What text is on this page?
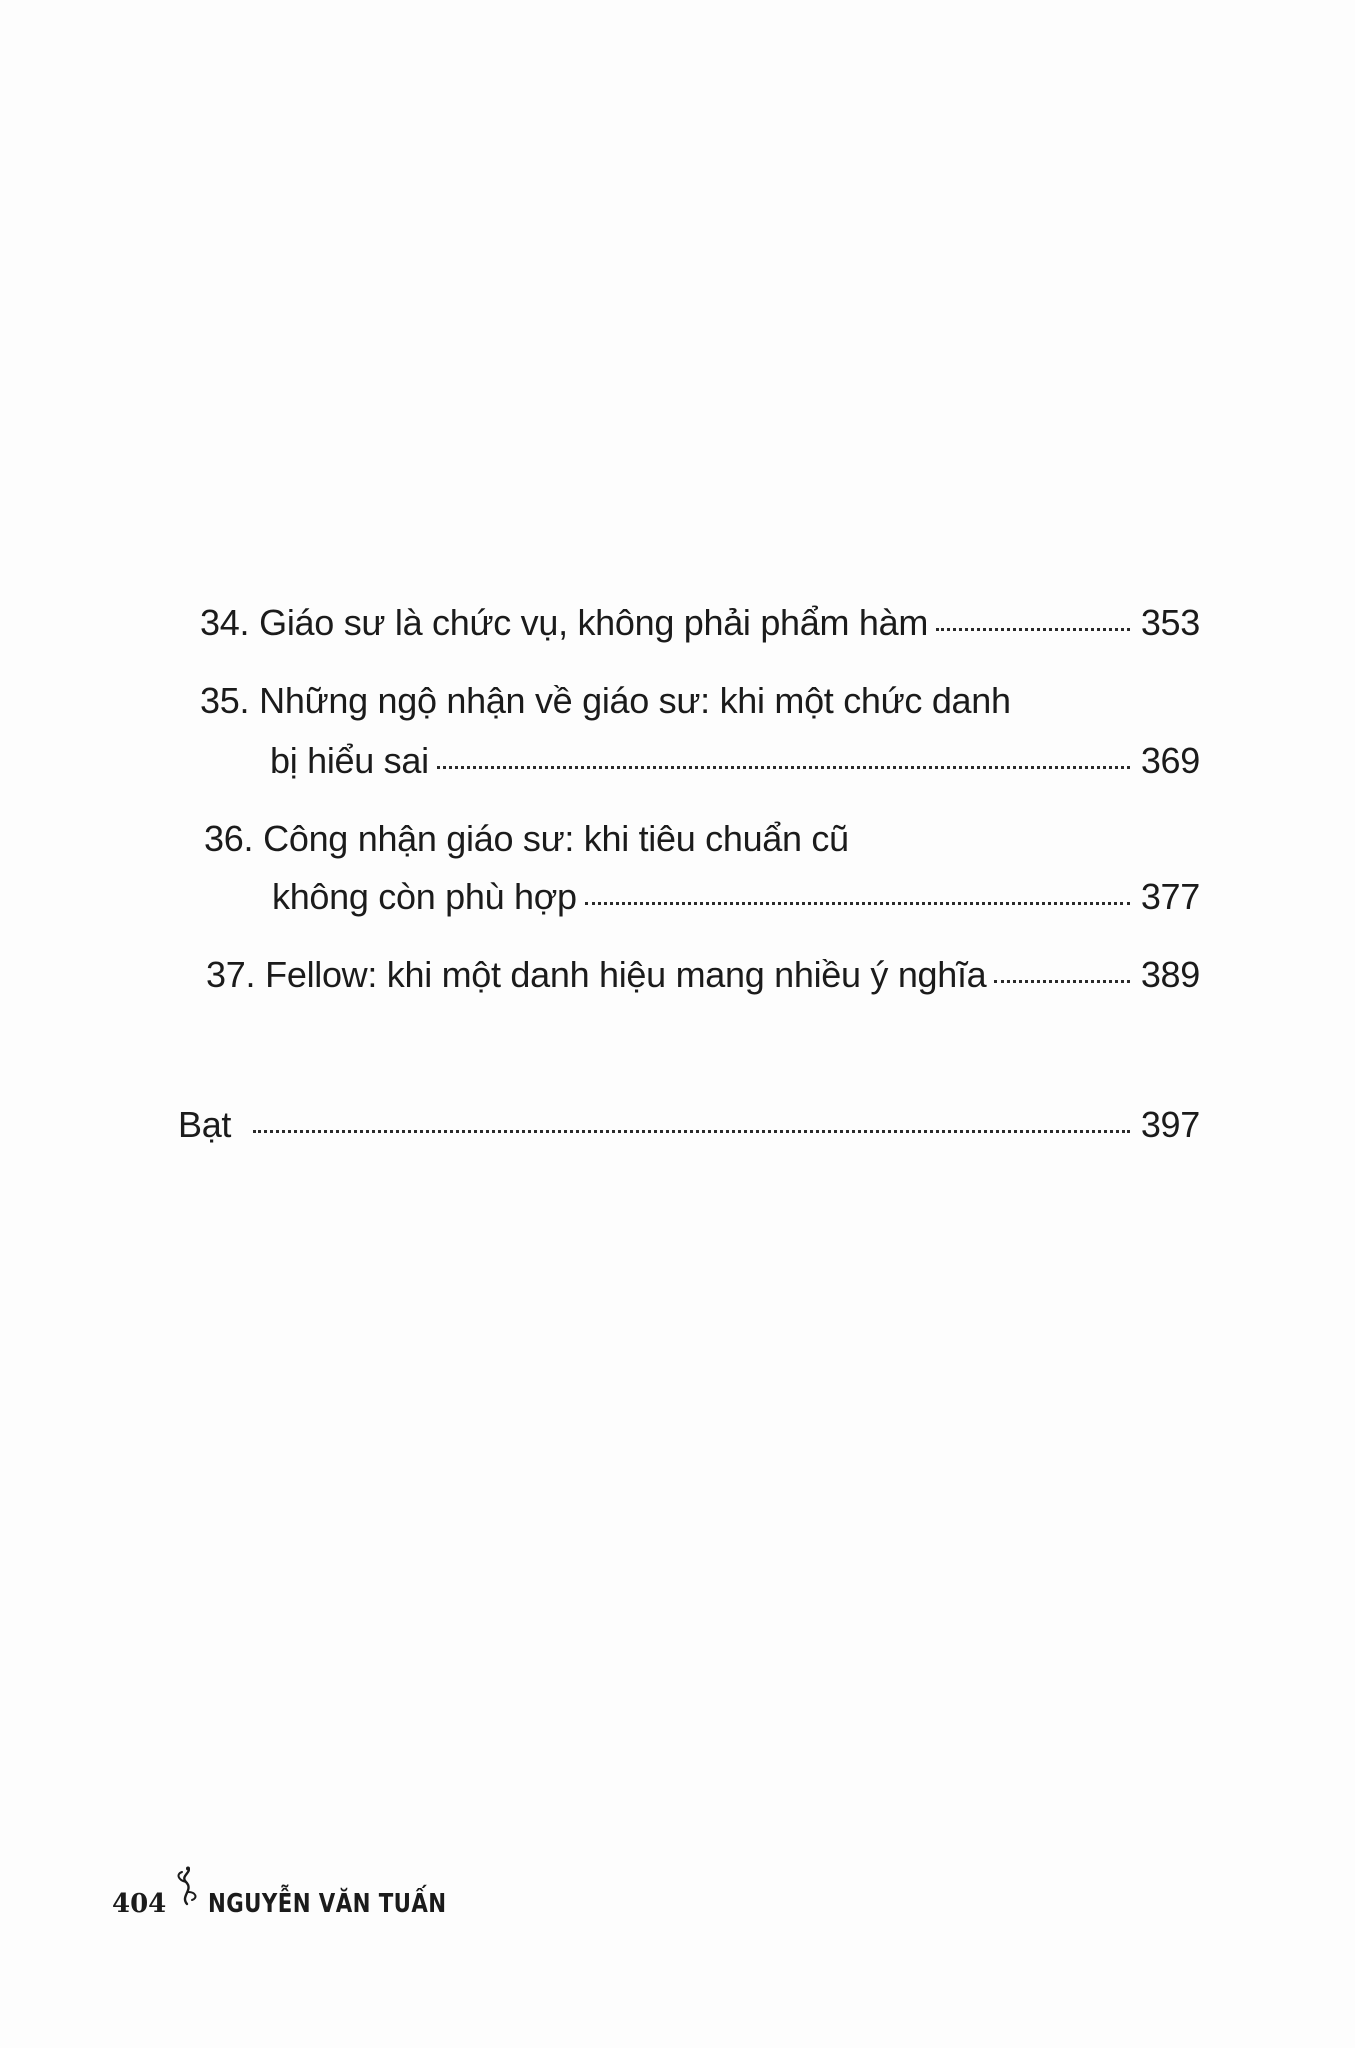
34. Giáo sư là chức vụ, không phải phẩm hàm	353
35. Những ngộ nhận về giáo sư: khi một chức danh
bị hiểu sai	369
36. Công nhận giáo sư: khi tiêu chuẩn cũ
không còn phù hợp	377
37. Fellow: khi một danh hiệu mang nhiều ý nghĩa	389
Bạt	397
404 NGUYỄN VĂN TUẤN
